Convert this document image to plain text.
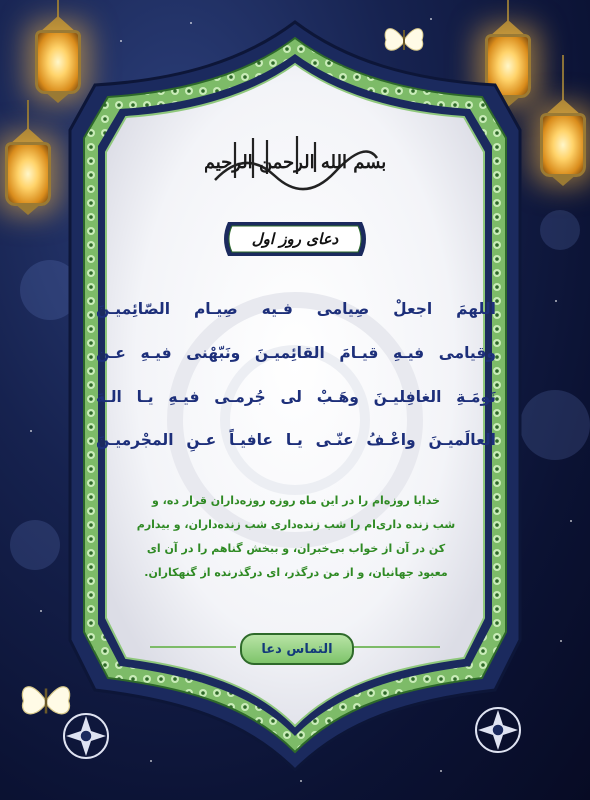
بسم الله الرحمن الرحیم
دعای روز اول
اللهمَ اجعلْ صِيامی فـيه صِيـام الصّائِمیـنَ
وقیامی فیـهِ قیـامَ القائِمیـنَ ونَبّهْنی فیـهِ عـن
نَومَـةِ الغافِلیـنَ وهَـبْ لی جُرمـی فیـهِ یـا الـهَ
العالَمیـنَ واعْـفُ عنّـی یـا عافیـاً عـنِ المجْرمیـنَ
خدایا روزه‌ام را در این ماه روزه روزه‌داران قرار ده، و
شب زنده داری‌ام را شب زنده‌داری شب زنده‌داران، و بیدارم
کن در آن از خواب بی‌خبران، و ببخش گناهم را در آن ای
معبود جهانیان، و از من درگذر، ای درگذرنده از گنهکاران.
التماس دعا
